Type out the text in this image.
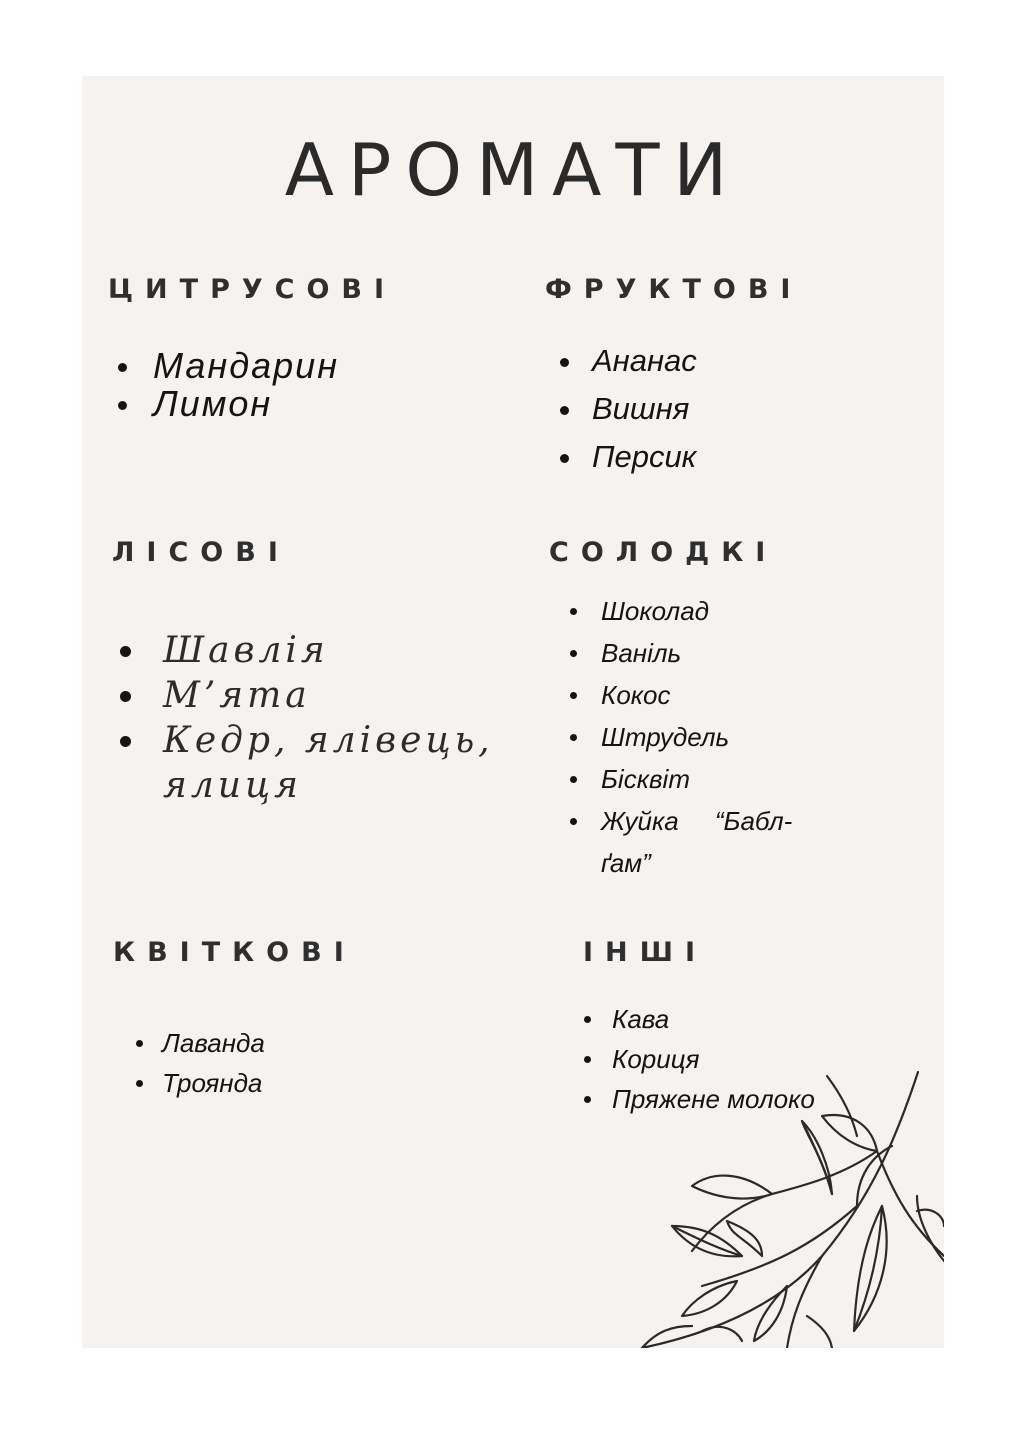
АРОМАТИ
ЦИТРУСОВІ
Мандарин
Лимон
ФРУКТОВІ
Ананас
Вишня
Персик
ЛІСОВІ
Шавлія
М’ята
Кедр, ялівець,
ялиця
СОЛОДКІ
Шоколад
Ваніль
Кокос
Штрудель
Бісквіт
Жуйка     “Бабл-
ґам”
КВІТКОВІ
Лаванда
Троянда
ІНШІ
Кава
Кориця
Пряжене молоко
